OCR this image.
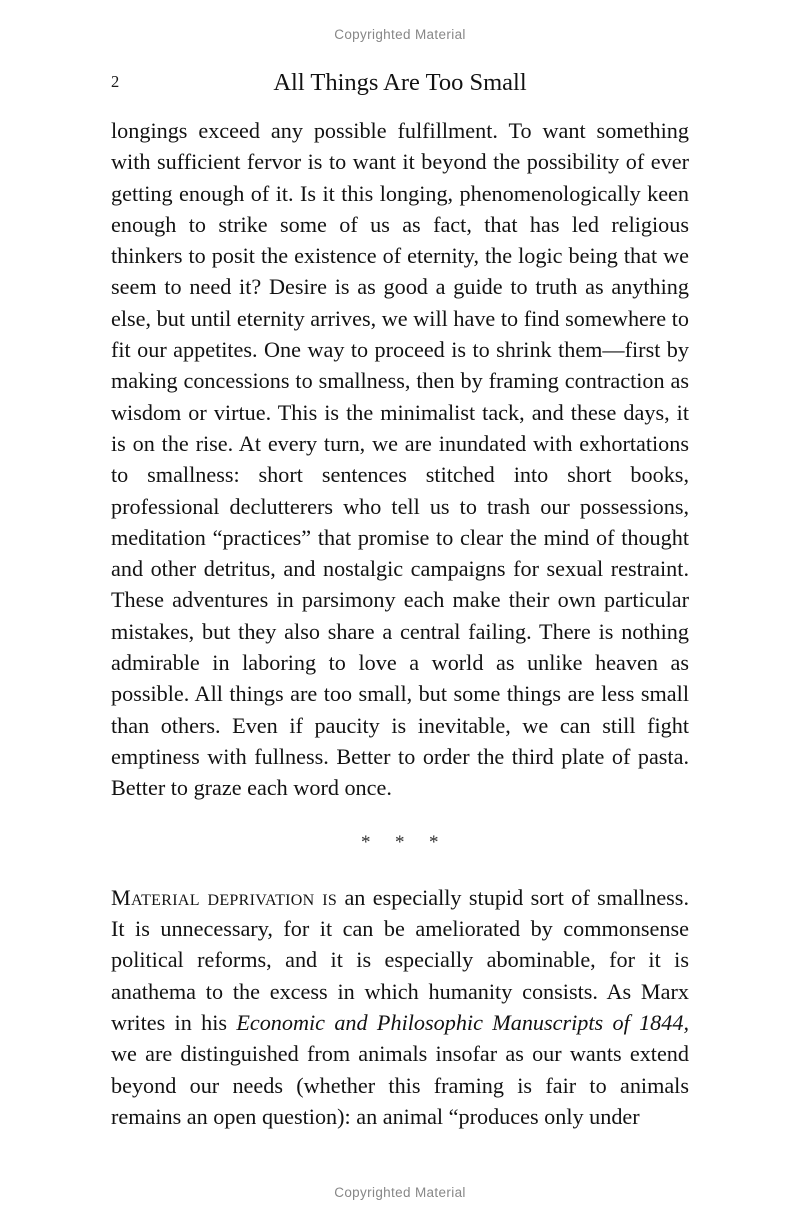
Copyrighted Material
2	All Things Are Too Small

longings exceed any possible fulfillment. To want something with sufficient fervor is to want it beyond the possibility of ever getting enough of it. Is it this longing, phenomenologically keen enough to strike some of us as fact, that has led religious thinkers to posit the existence of eternity, the logic being that we seem to need it? Desire is as good a guide to truth as anything else, but until eternity arrives, we will have to find somewhere to fit our appetites. One way to proceed is to shrink them—first by making concessions to smallness, then by framing contraction as wisdom or virtue. This is the minimalist tack, and these days, it is on the rise. At every turn, we are inundated with exhortations to smallness: short sentences stitched into short books, professional declutterers who tell us to trash our possessions, meditation “practices” that promise to clear the mind of thought and other detritus, and nostalgic campaigns for sexual restraint. These adventures in parsimony each make their own particular mistakes, but they also share a central failing. There is nothing admirable in laboring to love a world as unlike heaven as possible. All things are too small, but some things are less small than others. Even if paucity is inevitable, we can still fight emptiness with fullness. Better to order the third plate of pasta. Better to graze each word once.

* * *

Material deprivation is an especially stupid sort of smallness. It is unnecessary, for it can be ameliorated by commonsense political reforms, and it is especially abominable, for it is anathema to the excess in which humanity consists. As Marx writes in his Economic and Philosophic Manuscripts of 1844, we are distinguished from animals insofar as our wants extend beyond our needs (whether this framing is fair to animals remains an open question): an animal “produces only under

Copyrighted Material
